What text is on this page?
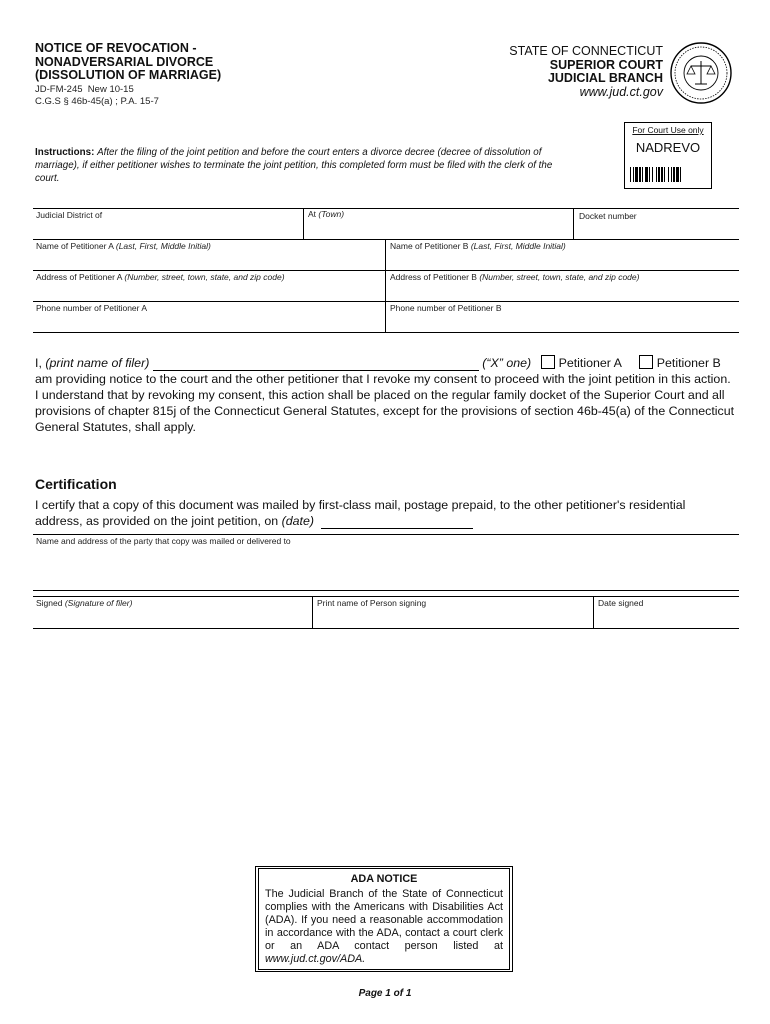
NOTICE OF REVOCATION -
NONADVERSARIAL DIVORCE
(DISSOLUTION OF MARRIAGE)
JD-FM-245 New 10-15
C.G.S § 46b-45(a) ; P.A. 15-7
STATE OF CONNECTICUT
SUPERIOR COURT
JUDICIAL BRANCH
www.jud.ct.gov
Instructions: After the filing of the joint petition and before the court enters a divorce decree (decree of dissolution of marriage), if either petitioner wishes to terminate the joint petition, this completed form must be filed with the clerk of the court.
For Court Use only
NADREVO
Judicial District of	At (Town)	Docket number
Name of Petitioner A (Last, First, Middle Initial)	Name of Petitioner B (Last, First, Middle Initial)
Address of Petitioner A (Number, street, town, state, and zip code)	Address of Petitioner B (Number, street, town, state, and zip code)
Phone number of Petitioner A	Phone number of Petitioner B
I, (print name of filer)	(“X” one) Petitioner A	Petitioner B
am providing notice to the court and the other petitioner that I revoke my consent to proceed with the joint petition in this action. I understand that by revoking my consent, this action shall be placed on the regular family docket of the Superior Court and all provisions of chapter 815j of the Connecticut General Statutes, except for the provisions of section 46b-45(a) of the Connecticut General Statutes, shall apply.
Certification
I certify that a copy of this document was mailed by first-class mail, postage prepaid, to the other petitioner's residential address, as provided on the joint petition, on (date)
Name and address of the party that copy was mailed or delivered to
Signed (Signature of filer)	Print name of Person signing	Date signed
ADA NOTICE
The Judicial Branch of the State of Connecticut complies with the Americans with Disabilities Act (ADA). If you need a reasonable accommodation in accordance with the ADA, contact a court clerk or an ADA contact person listed at www.jud.ct.gov/ADA.
Page 1 of 1
